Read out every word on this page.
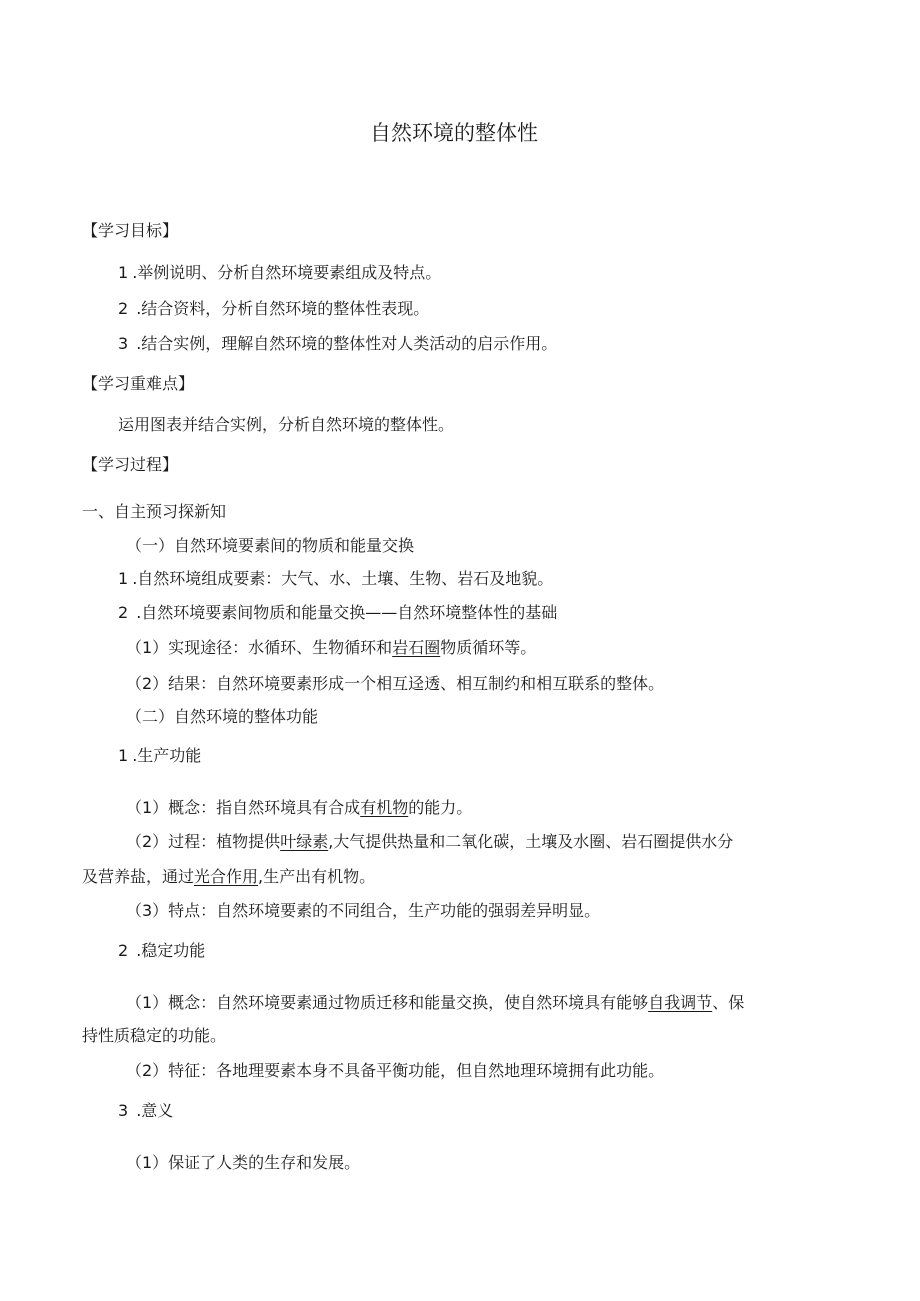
自然环境的整体性
【学习目标】
1 .举例说明、分析自然环境要素组成及特点。
2 .结合资料，分析自然环境的整体性表现。
3 .结合实例，理解自然环境的整体性对人类活动的启示作用。
【学习重难点】
运用图表并结合实例，分析自然环境的整体性。
【学习过程】
一、自主预习探新知
（一）自然环境要素间的物质和能量交换
1 .自然环境组成要素：大气、水、土壤、生物、岩石及地貌。
2 .自然环境要素间物质和能量交换——自然环境整体性的基础
（1）实现途径：水循环、生物循环和岩石圈物质循环等。
（2）结果：自然环境要素形成一个相互迳透、相互制约和相互联系的整体。
（二）自然环境的整体功能
1 .生产功能
（1）概念：指自然环境具有合成有机物的能力。
（2）过程：植物提供叶绿素,大气提供热量和二氧化碳，土壤及水圈、岩石圈提供水分
及营养盐，通过光合作用,生产出有机物。
（3）特点：自然环境要素的不同组合，生产功能的强弱差异明显。
2 .稳定功能
（1）概念：自然环境要素通过物质迁移和能量交换，使自然环境具有能够自我调节、保
持性质稳定的功能。
（2）特征：各地理要素本身不具备平衡功能，但自然地理环境拥有此功能。
3 .意义
（1）保证了人类的生存和发展。
